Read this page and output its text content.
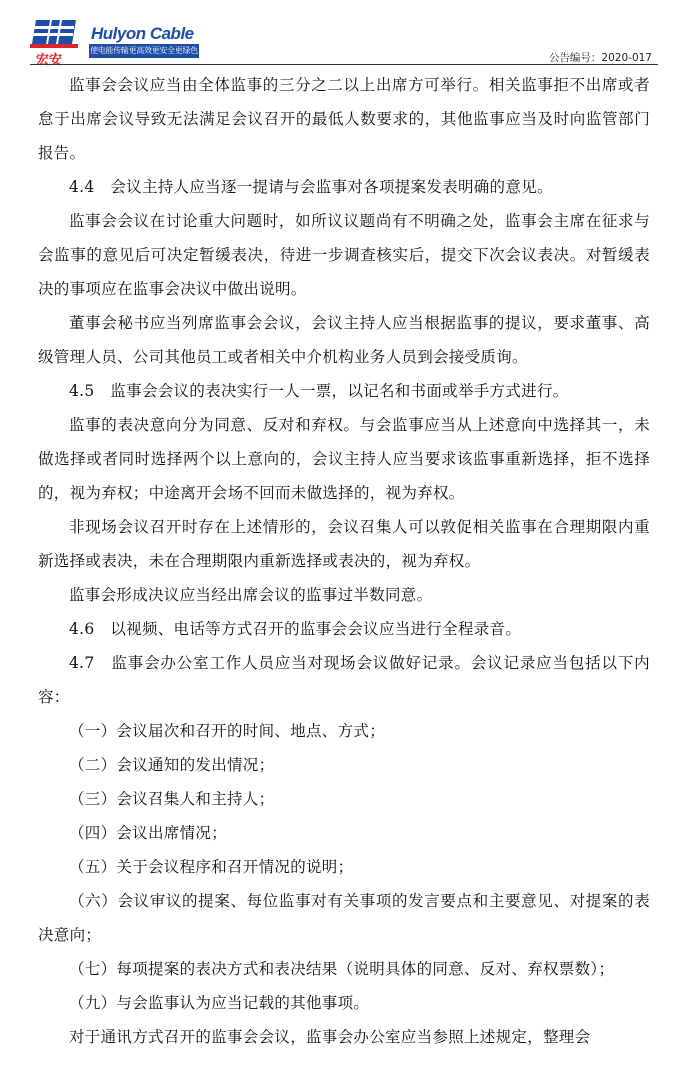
Hulyon Cable
宏安
使电能传输更高效更安全更绿色
公告编号：2020-017

监事会会议应当由全体监事的三分之二以上出席方可举行。相关监事拒不出席或者怠于出席会议导致无法满足会议召开的最低人数要求的，其他监事应当及时向监管部门报告。

4.4　会议主持人应当逐一提请与会监事对各项提案发表明确的意见。

监事会会议在讨论重大问题时，如所议议题尚有不明确之处，监事会主席在征求与会监事的意见后可决定暂缓表决，待进一步调查核实后，提交下次会议表决。对暂缓表决的事项应在监事会决议中做出说明。

董事会秘书应当列席监事会会议，会议主持人应当根据监事的提议，要求董事、高级管理人员、公司其他员工或者相关中介机构业务人员到会接受质询。

4.5　监事会会议的表决实行一人一票，以记名和书面或举手方式进行。

监事的表决意向分为同意、反对和弃权。与会监事应当从上述意向中选择其一，未做选择或者同时选择两个以上意向的，会议主持人应当要求该监事重新选择，拒不选择的，视为弃权；中途离开会场不回而未做选择的，视为弃权。

非现场会议召开时存在上述情形的，会议召集人可以敦促相关监事在合理期限内重新选择或表决，未在合理期限内重新选择或表决的，视为弃权。

监事会形成决议应当经出席会议的监事过半数同意。

4.6　以视频、电话等方式召开的监事会会议应当进行全程录音。

4.7　监事会办公室工作人员应当对现场会议做好记录。会议记录应当包括以下内容：

（一）会议届次和召开的时间、地点、方式；

（二）会议通知的发出情况；

（三）会议召集人和主持人；

（四）会议出席情况；

（五）关于会议程序和召开情况的说明；

（六）会议审议的提案、每位监事对有关事项的发言要点和主要意见、对提案的表决意向；

（七）每项提案的表决方式和表决结果（说明具体的同意、反对、弃权票数）；

（九）与会监事认为应当记载的其他事项。

对于通讯方式召开的监事会会议，监事会办公室应当参照上述规定，整理会
